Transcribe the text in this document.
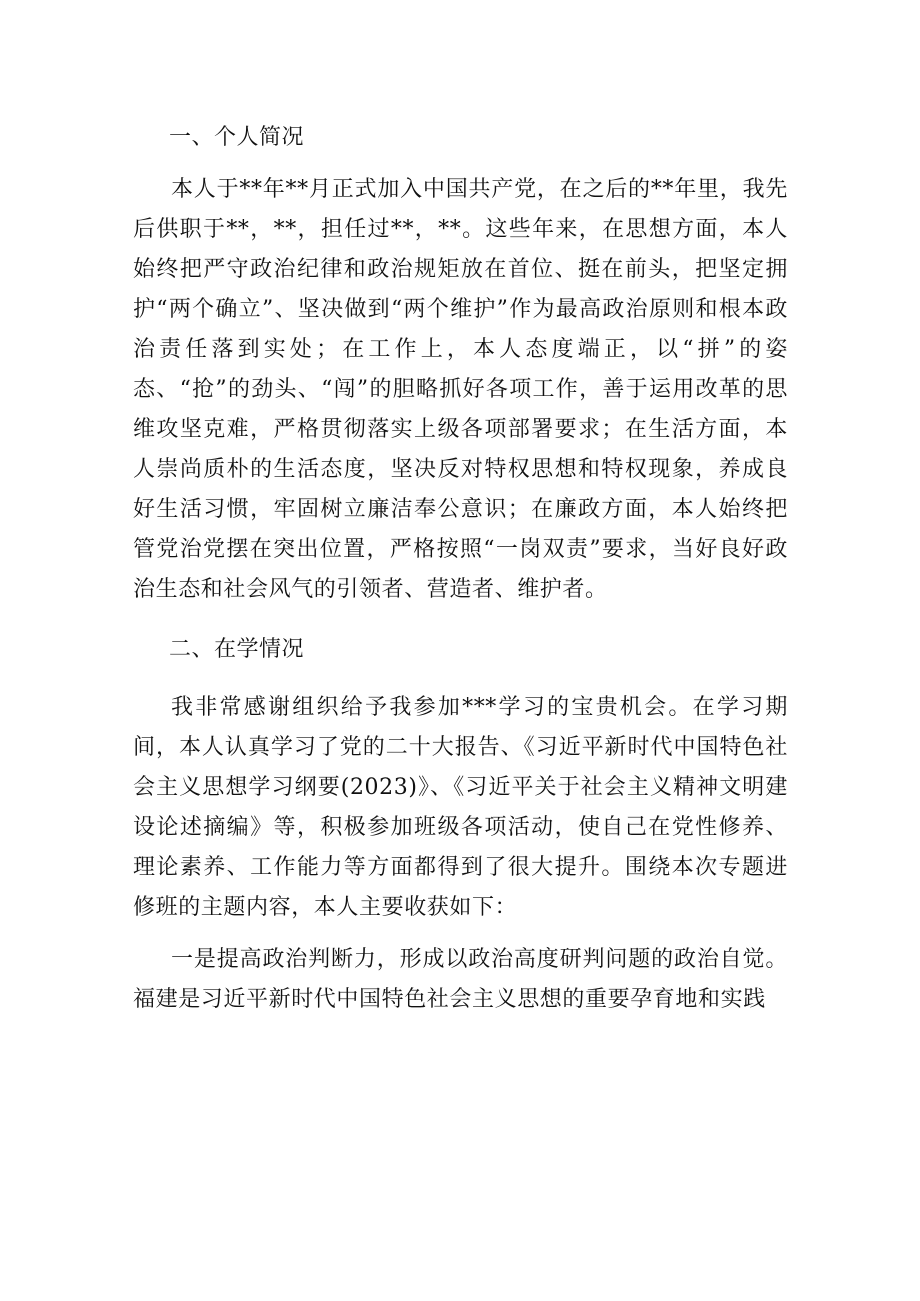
一、个人简况

本人于**年**月正式加入中国共产党，在之后的**年里，我先后供职于**，**，担任过**，**。这些年来，在思想方面，本人始终把严守政治纪律和政治规矩放在首位、挺在前头，把坚定拥护“两个确立”、坚决做到“两个维护”作为最高政治原则和根本政治责任落到实处；在工作上，本人态度端正，以“拼”的姿态、“抢”的劲头、“闯”的胆略抓好各项工作，善于运用改革的思维攻坚克难，严格贯彻落实上级各项部署要求；在生活方面，本人崇尚质朴的生活态度，坚决反对特权思想和特权现象，养成良好生活习惯，牢固树立廉洁奉公意识；在廉政方面，本人始终把管党治党摆在突出位置，严格按照“一岗双责”要求，当好良好政治生态和社会风气的引领者、营造者、维护者。

二、在学情况

我非常感谢组织给予我参加***学习的宝贵机会。在学习期间，本人认真学习了党的二十大报告、《习近平新时代中国特色社会主义思想学习纲要(2023)》、《习近平关于社会主义精神文明建设论述摘编》等，积极参加班级各项活动，使自己在党性修养、理论素养、工作能力等方面都得到了很大提升。围绕本次专题进修班的主题内容，本人主要收获如下：

一是提高政治判断力，形成以政治高度研判问题的政治自觉。福建是习近平新时代中国特色社会主义思想的重要孕育地和实践
